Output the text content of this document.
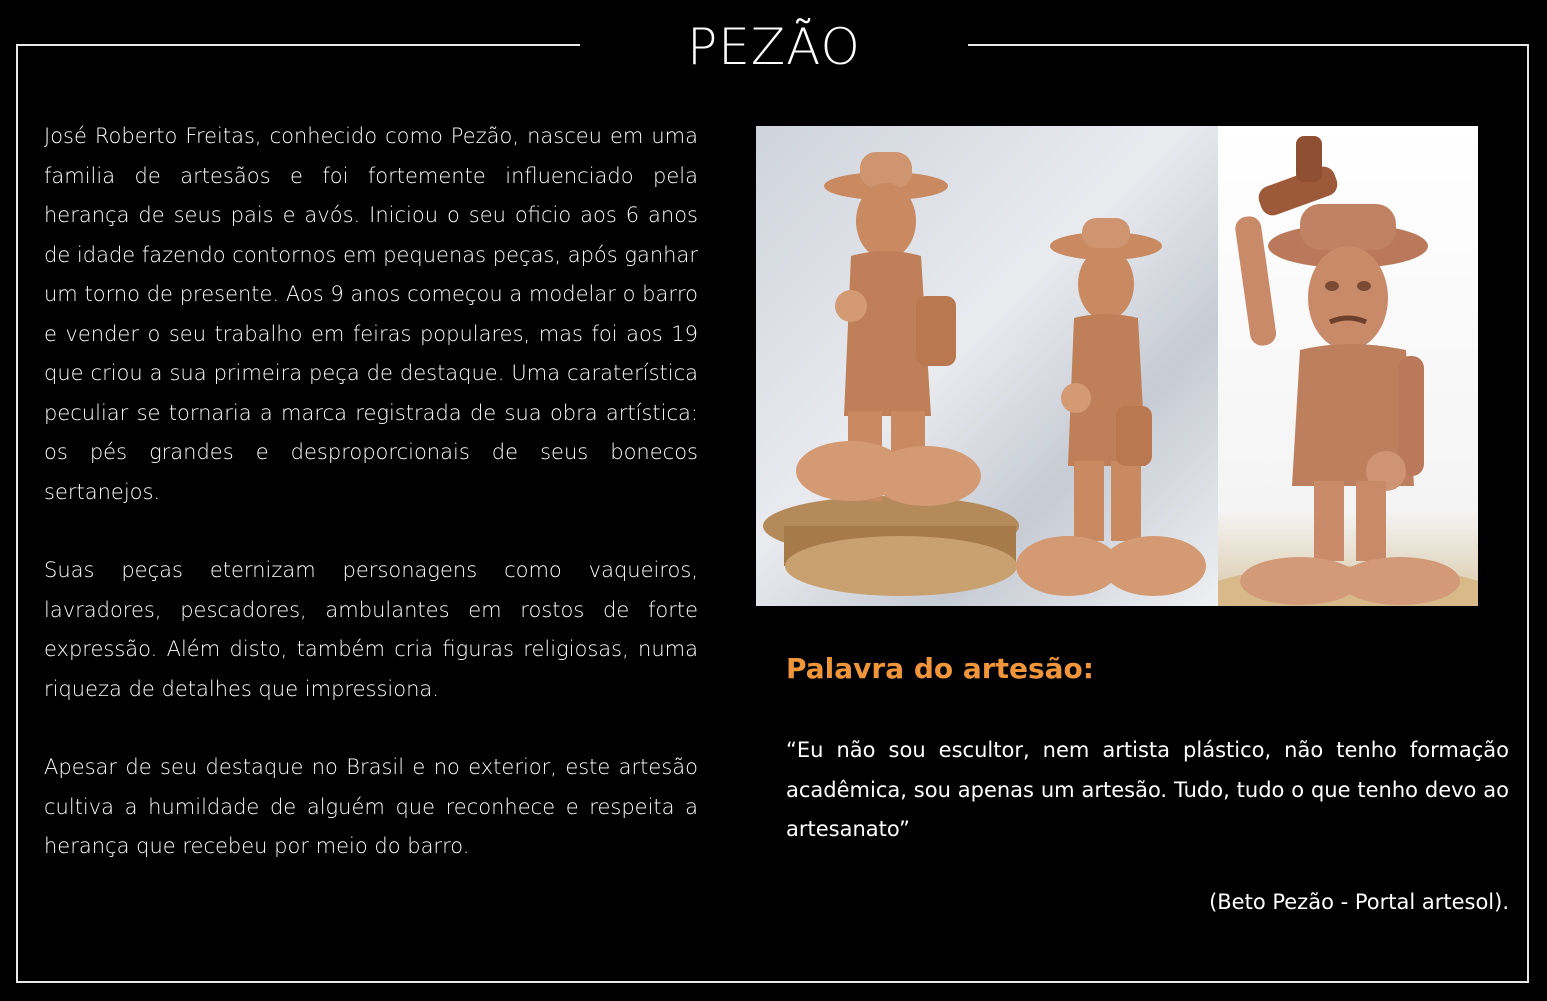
PEZÃO

José Roberto Freitas, conhecido como Pezão, nasceu em uma familia de artesãos e foi fortemente influenciado pela herança de seus pais e avós. Iniciou o seu oficio aos 6 anos de idade fazendo contornos em pequenas peças, após ganhar um torno de presente. Aos 9 anos começou a modelar o barro e vender o seu trabalho em feiras populares, mas foi aos 19 que criou a sua primeira peça de destaque. Uma caraterística peculiar se tornaria a marca registrada de sua obra artística: os pés grandes e desproporcionais de seus bonecos sertanejos.

Suas peças eternizam personagens como vaqueiros, lavradores, pescadores, ambulantes em rostos de forte expressão. Além disto, também cria figuras religiosas, numa riqueza de detalhes que impressiona.

Apesar de seu destaque no Brasil e no exterior, este artesão cultiva a humildade de alguém que reconhece e respeita a herança que recebeu por meio do barro.

Palavra do artesão:
“Eu não sou escultor, nem artista plástico, não tenho formação acadêmica, sou apenas um artesão. Tudo, tudo o que tenho devo ao artesanato”
(Beto Pezão - Portal artesol).
